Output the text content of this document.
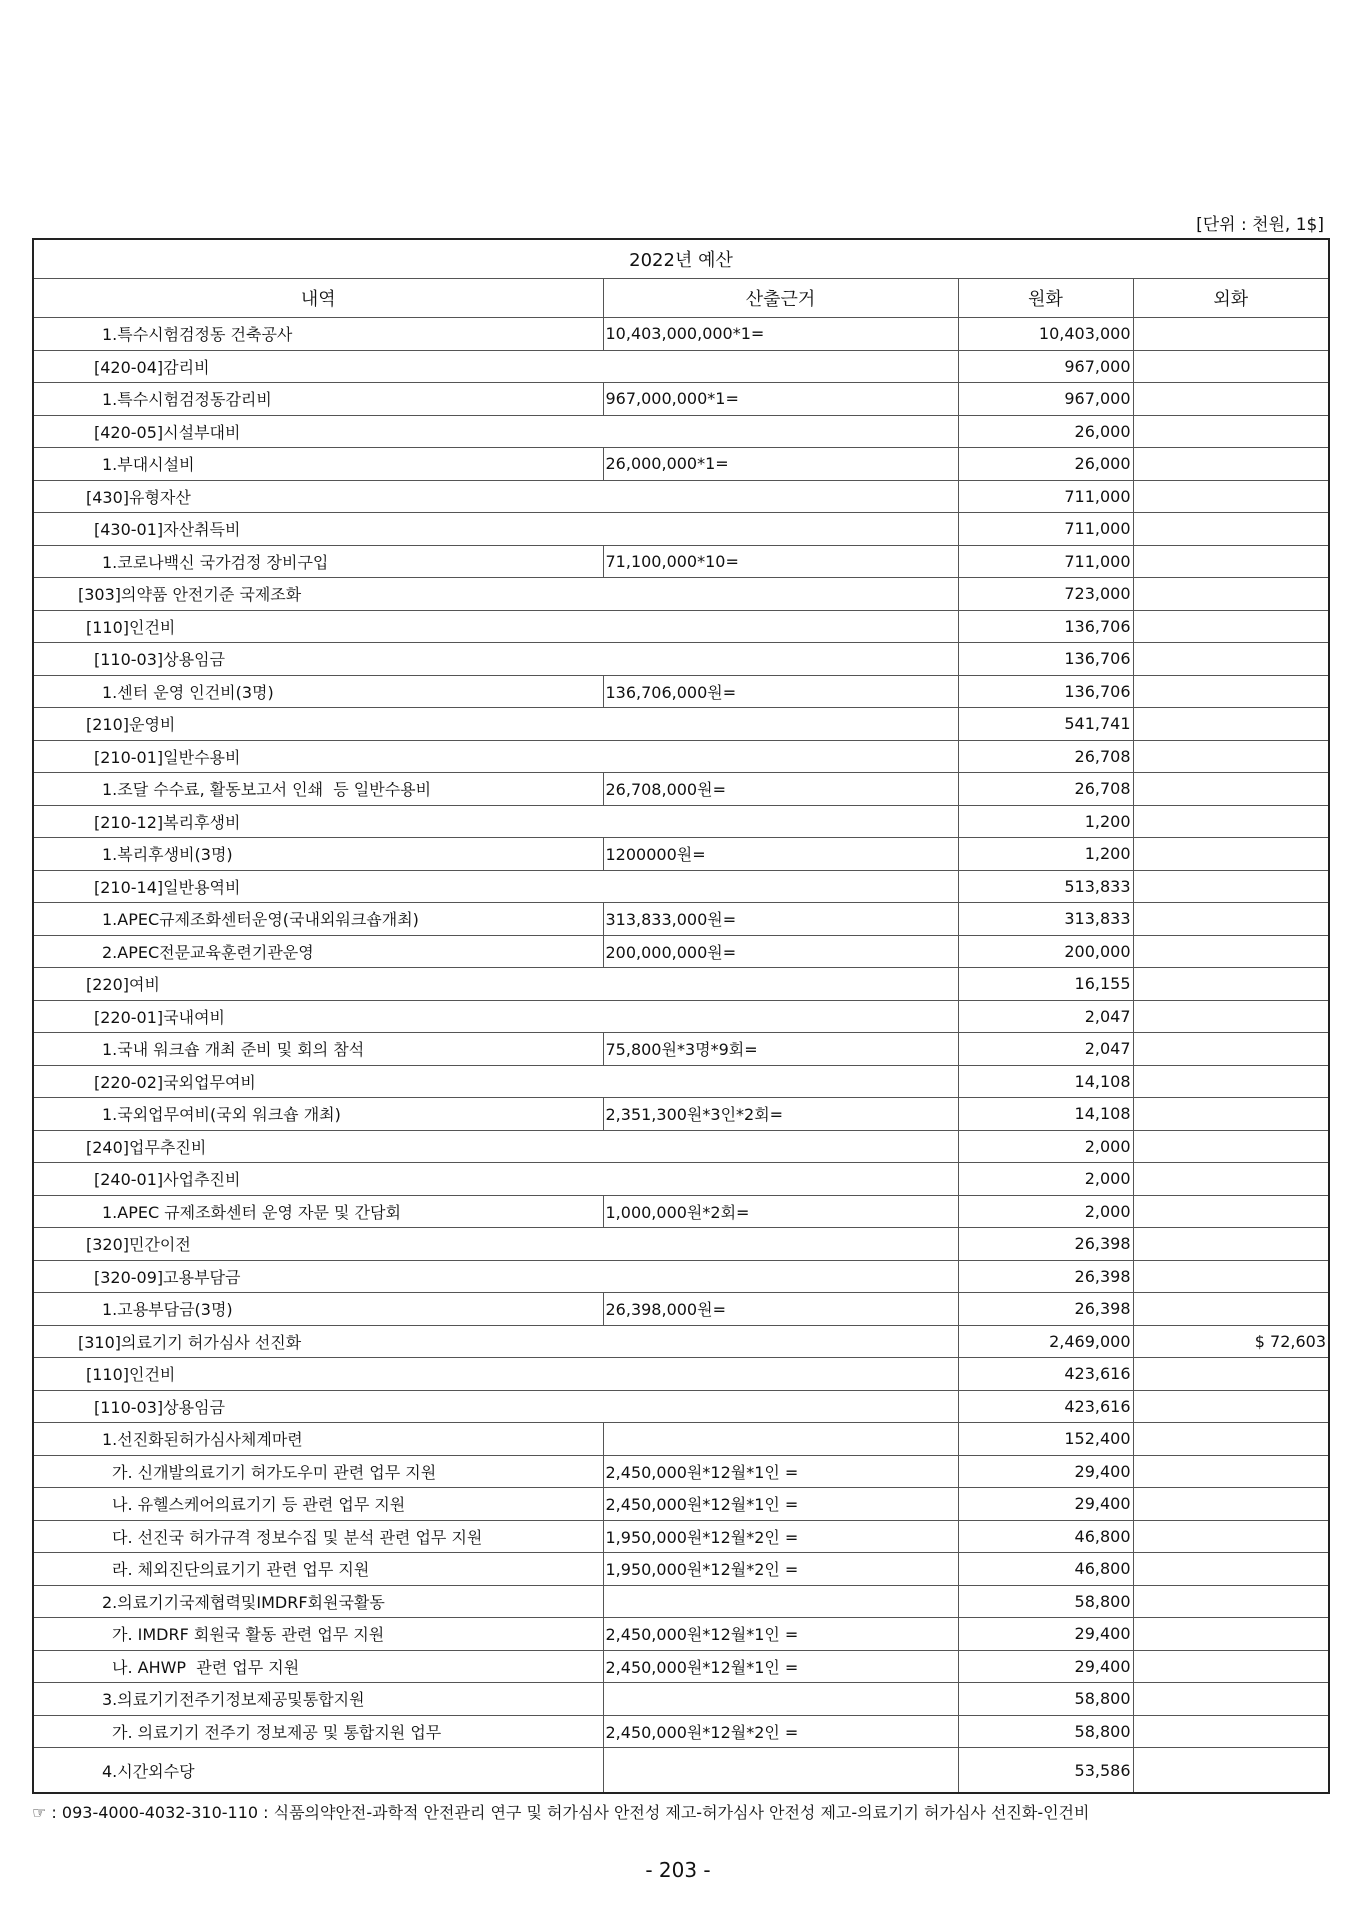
[단위 : 천원, 1$]
2022년 예산			
내역	산출근거	원화	외화
1.특수시험검정동 건축공사	10,403,000,000*1=	10,403,000	
[420-04]감리비		967,000	
1.특수시험검정동감리비	967,000,000*1=	967,000	
[420-05]시설부대비		26,000	
1.부대시설비	26,000,000*1=	26,000	
[430]유형자산		711,000	
[430-01]자산취득비		711,000	
1.코로나백신 국가검정 장비구입	71,100,000*10=	711,000	
[303]의약품 안전기준 국제조화		723,000	
[110]인건비		136,706	
[110-03]상용임금		136,706	
1.센터 운영 인건비(3명)	136,706,000원=	136,706	
[210]운영비		541,741	
[210-01]일반수용비		26,708	
1.조달 수수료, 활동보고서 인쇄  등 일반수용비	26,708,000원=	26,708	
[210-12]복리후생비		1,200	
1.복리후생비(3명)	1200000원=	1,200	
[210-14]일반용역비		513,833	
1.APEC규제조화센터운영(국내외워크숍개최)	313,833,000원=	313,833	
2.APEC전문교육훈련기관운영	200,000,000원=	200,000	
[220]여비		16,155	
[220-01]국내여비		2,047	
1.국내 워크숍 개최 준비 및 회의 참석	75,800원*3명*9회=	2,047	
[220-02]국외업무여비		14,108	
1.국외업무여비(국외 워크숍 개최)	2,351,300원*3인*2회=	14,108	
[240]업무추진비		2,000	
[240-01]사업추진비		2,000	
1.APEC 규제조화센터 운영 자문 및 간담회	1,000,000원*2회=	2,000	
[320]민간이전		26,398	
[320-09]고용부담금		26,398	
1.고용부담금(3명)	26,398,000원=	26,398	
[310]의료기기 허가심사 선진화		2,469,000	$ 72,603
[110]인건비		423,616	
[110-03]상용임금		423,616	
1.선진화된허가심사체계마련		152,400	
가. 신개발의료기기 허가도우미 관련 업무 지원	2,450,000원*12월*1인 =	29,400	
나. 유헬스케어의료기기 등 관련 업무 지원	2,450,000원*12월*1인 =	29,400	
다. 선진국 허가규격 정보수집 및 분석 관련 업무 지원	1,950,000원*12월*2인 =	46,800	
라. 체외진단의료기기 관련 업무 지원	1,950,000원*12월*2인 =	46,800	
2.의료기기국제협력및IMDRF회원국활동		58,800	
가. IMDRF 회원국 활동 관련 업무 지원	2,450,000원*12월*1인 =	29,400	
나. AHWP  관련 업무 지원	2,450,000원*12월*1인 =	29,400	
3.의료기기전주기정보제공및통합지원		58,800	
가. 의료기기 전주기 정보제공 및 통합지원 업무	2,450,000원*12월*2인 =	58,800	
4.시간외수당		53,586	
☞ : 093-4000-4032-310-110 : 식품의약안전-과학적 안전관리 연구 및 허가심사 안전성 제고-허가심사 안전성 제고-의료기기 허가심사 선진화-인건비
- 203 -
